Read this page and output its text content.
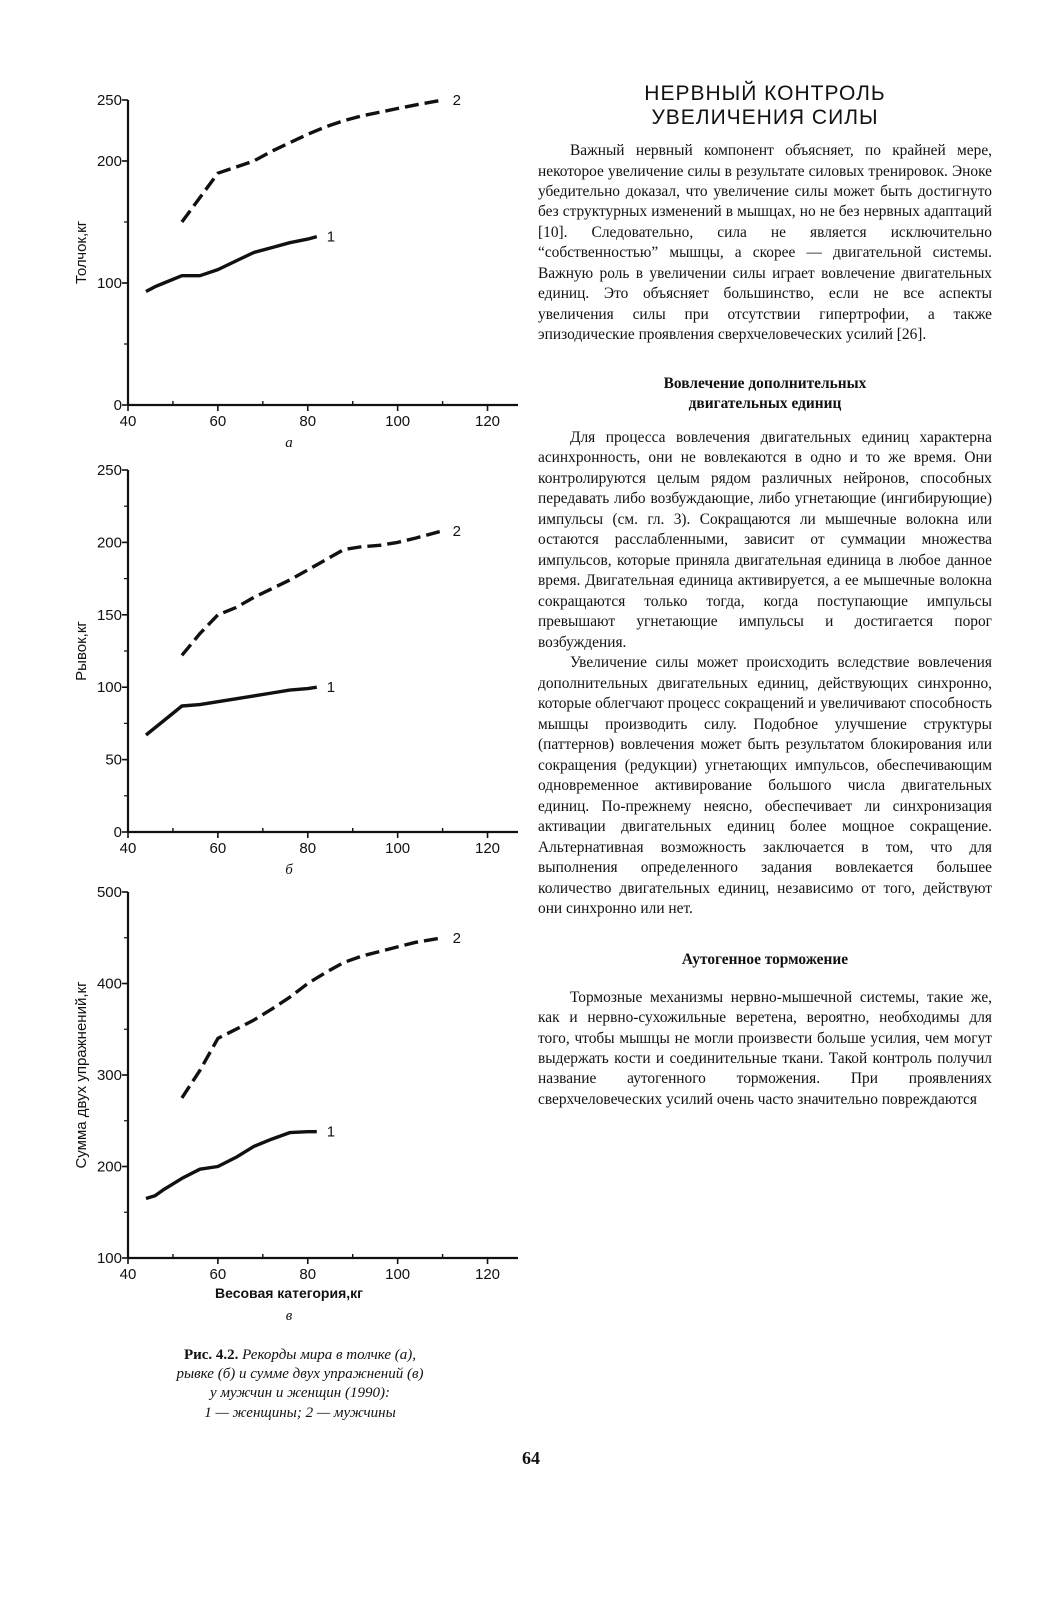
40	60	80	100	120
0
100
200
250
Толчок,кг
а
1
2
40	60	80	100	120
0
50
100
150
200
250
Рывок,кг
б
1
2
40	60	80	100	120
100
200
300
400
500
Сумма двух упражнений,кг
Весовая категория,кг
в
1
2
Рис. 4.2. Рекорды мира в толчке (а),
рывке (б) и сумме двух упражнений (в)
у мужчин и женщин (1990):
1 — женщины; 2 — мужчины
НЕРВНЫЙ КОНТРОЛЬ
УВЕЛИЧЕНИЯ СИЛЫ

Важный нервный компонент объясняет, по крайней мере, некоторое увеличение силы в результате силовых тренировок. Эноке убедительно доказал, что увеличение силы может быть достигнуто без структурных изменений в мышцах, но не без нервных адаптаций [10]. Следовательно, сила не является исключительно “собственностью” мышцы, а скорее — двигательной системы. Важную роль в увеличении силы играет вовлечение двигательных единиц. Это объясняет большинство, если не все аспекты увеличения силы при отсутствии гипертрофии, а также эпизодические проявления сверхчеловеческих усилий [26].

Вовлечение дополнительных
двигательных единиц

Для процесса вовлечения двигательных единиц характерна асинхронность, они не вовлекаются в одно и то же время. Они контролируются целым рядом различных нейронов, способных передавать либо возбуждающие, либо угнетающие (ингибирующие) импульсы (см. гл. 3). Сокращаются ли мышечные волокна или остаются расслабленными, зависит от суммации множества импульсов, которые приняла двигательная единица в любое данное время. Двигательная единица активируется, а ее мышечные волокна сокращаются только тогда, когда поступающие импульсы превышают угнетающие импульсы и достигается порог возбуждения.

Увеличение силы может происходить вследствие вовлечения дополнительных двигательных единиц, действующих синхронно, которые облегчают процесс сокращений и увеличивают способность мышцы производить силу. Подобное улучшение структуры (паттернов) вовлечения может быть результатом блокирования или сокращения (редукции) угнетающих импульсов, обеспечивающим одновременное активирование большого числа двигательных единиц. По-прежнему неясно, обеспечивает ли синхронизация активации двигательных единиц более мощное сокращение. Альтернативная возможность заключается в том, что для выполнения определенного задания вовлекается большее количество двигательных единиц, независимо от того, действуют они синхронно или нет.

Аутогенное торможение

Тормозные механизмы нервно-мышечной системы, такие же, как и нервно-сухожильные веретена, вероятно, необходимы для того, чтобы мышцы не могли произвести больше усилия, чем могут выдержать кости и соединительные ткани. Такой контроль получил название аутогенного торможения. При проявлениях сверхчеловеческих усилий очень часто значительно повреждаются

64
